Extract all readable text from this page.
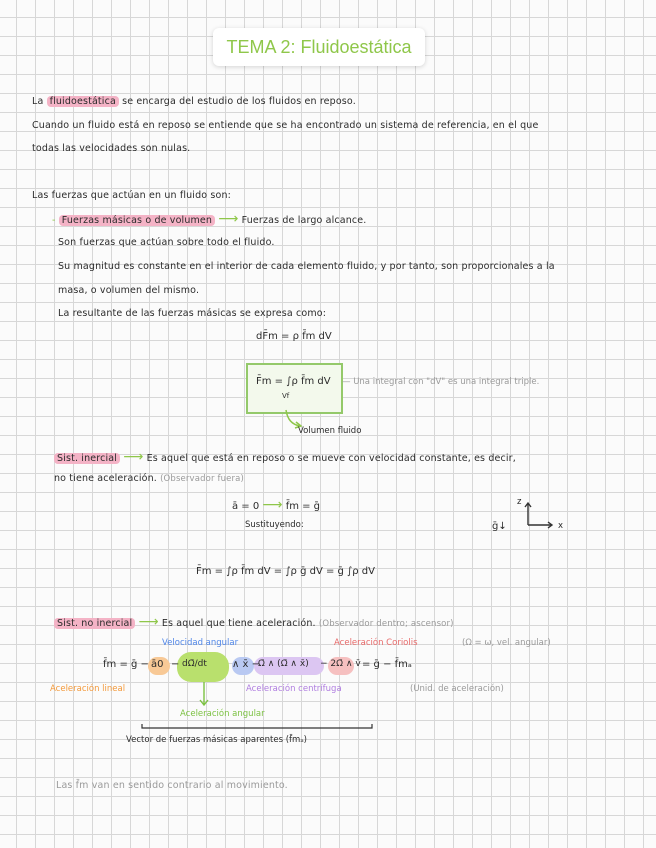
TEMA 2: Fluidoestática
La fluidoestática se encarga del estudio de los fluidos en reposo.
Cuando un fluido está en reposo se entiende que se ha encontrado un sistema de referencia, en el que
todas las velocidades son nulas.
Las fuerzas que actúan en un fluido son:
- Fuerzas másicas o de volumen ⟶ Fuerzas de largo alcance.
Son fuerzas que actúan sobre todo el fluido.
Su magnitud es constante en el interior de cada elemento fluido, y por tanto, son proporcionales a la
masa, o volumen del mismo.
La resultante de las fuerzas másicas se expresa como:
dF̄m = ρ f̄m dV
F̄m = ∫ρ f̄m dV
Vf
— Una integral con "dV" es una integral triple.
Volumen fluido
Sist. inercial ⟶ Es aquel que está en reposo o se mueve con velocidad constante, es decir,
no tiene aceleración. (Observador fuera)
ā = 0 ⟶ f̄m = ḡ
Sustituyendo:
z
x
ḡ↓
F̄m = ∫ρ f̄m dV = ∫ρ ḡ dV = ḡ ∫ρ dV
Sist. no inercial ⟶ Es aquel que tiene aceleración. (Observador dentro; ascensor)
Velocidad angular	Aceleración Coriolis	(Ω = ω, vel. angular)
f̄m = ḡ − ā0 − dΩ̄/dt	∧ x̄ −
Ω̄ ∧ (Ω̄ ∧ x̄) − 2Ω̄ ∧ v̄ = ḡ − f̄mₐ
Aceleración lineal	Aceleración centrífuga	(Unid. de aceleración)
Aceleración angular
Vector de fuerzas másicas aparentes (f̄mₐ)
Las f̄m van en sentido contrario al movimiento.
